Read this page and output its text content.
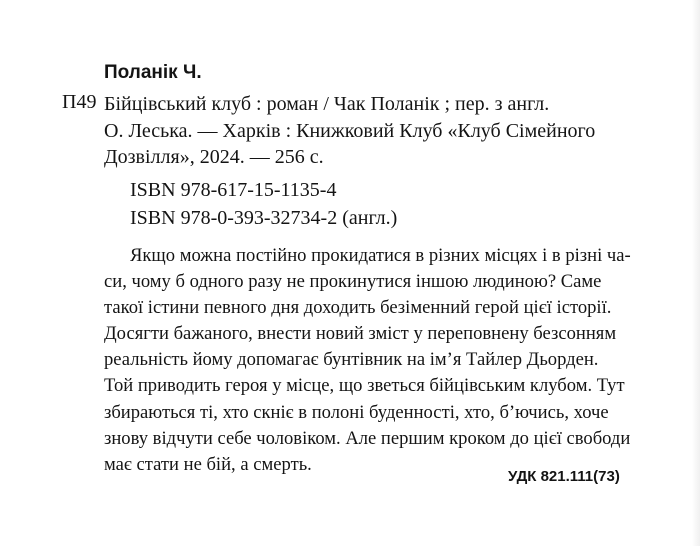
Поланік Ч.
П49 Бійцівський клуб : роман / Чак Поланік ; пер. з англ.
О. Леська. — Харків : Книжковий Клуб «Клуб Сімейного
Дозвілля», 2024. — 256 с.
ISBN 978-617-15-1135-4
ISBN 978-0-393-32734-2 (англ.)
Якщо можна постійно прокидатися в різних місцях і в різні ча-
си, чому б одного разу не прокинутися іншою людиною? Саме
такої істини певного дня доходить безіменний герой цієї історії.
Досягти бажаного, внести новий зміст у переповнену безсонням
реальність йому допомагає бунтівник на ім’я Тайлер Дьорден.
Той приводить героя у місце, що зветься бійцівським клубом. Тут
збираються ті, хто скніє в полоні буденності, хто, б’ючись, хоче
знову відчути себе чоловіком. Але першим кроком до цієї свободи
має стати не бій, а смерть.
УДК 821.111(73)
